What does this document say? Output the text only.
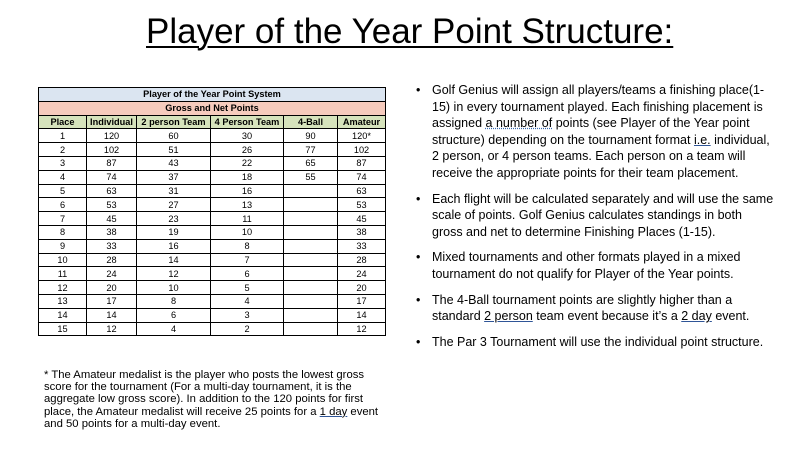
Player of the Year Point Structure:
Player of the Year Point System					
Gross and Net Points					
Place	Individual	2 person Team	4 Person Team	4-Ball	Amateur
1	120	60	30	90	120*
2	102	51	26	77	102
3	87	43	22	65	87
4	74	37	18	55	74
5	63	31	16		63
6	53	27	13		53
7	45	23	11		45
8	38	19	10		38
9	33	16	8		33
10	28	14	7		28
11	24	12	6		24
12	20	10	5		20
13	17	8	4		17
14	14	6	3		14
15	12	4	2		12
* The Amateur medalist is the player who posts the lowest gross score for the tournament (For a multi-day tournament, it is the aggregate low gross score). In addition to the 120 points for first place, the Amateur medalist will receive 25 points for a 1 day event and 50 points for a multi-day event.
• Golf Genius will assign all players/teams a finishing place(1-15) in every tournament played. Each finishing placement is assigned a number of points (see Player of the Year point structure) depending on the tournament format i.e. individual, 2 person, or 4 person teams. Each person on a team will receive the appropriate points for their team placement.
• Each flight will be calculated separately and will use the same scale of points. Golf Genius calculates standings in both gross and net to determine Finishing Places (1-15).
• Mixed tournaments and other formats played in a mixed tournament do not qualify for Player of the Year points.
• The 4-Ball tournament points are slightly higher than a standard 2 person team event because it’s a 2 day event.
• The Par 3 Tournament will use the individual point structure.
